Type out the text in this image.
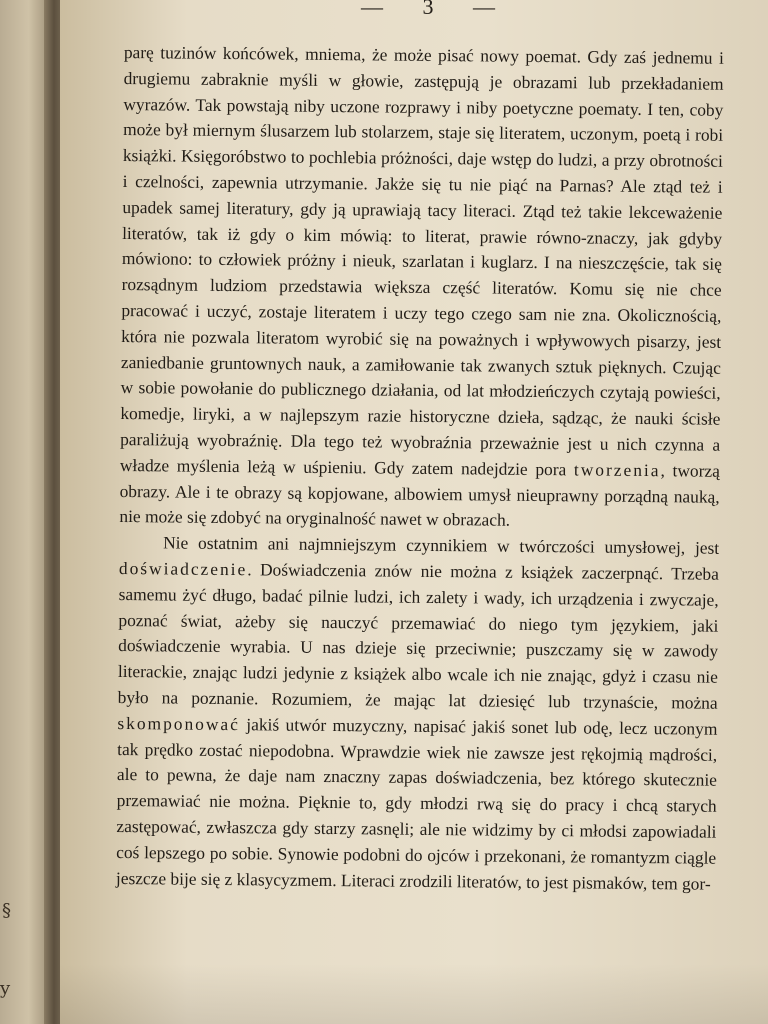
§
y
— 3 —

parę tuzinów końcówek, mniema, że może pisać nowy poemat. Gdy zaś jednemu i drugiemu zabraknie myśli w głowie, zastępują je obrazami lub przekładaniem wyrazów. Tak powstają niby uczone rozprawy i niby poetyczne poematy. I ten, coby może był miernym ślusarzem lub stolarzem, staje się literatem, uczonym, poetą i robi książki. Księgoróbstwo to pochlebia próżności, daje wstęp do ludzi, a przy obrotności i czelności, zapewnia utrzymanie. Jakże się tu nie piąć na Parnas? Ale ztąd też i upadek samej literatury, gdy ją uprawiają tacy literaci. Ztąd też takie lekceważenie literatów, tak iż gdy o kim mówią: to literat, prawie równo-znaczy, jak gdyby mówiono: to człowiek próżny i nieuk, szarlatan i kuglarz. I na nieszczęście, tak się rozsądnym ludziom przedstawia większa część literatów. Komu się nie chce pracować i uczyć, zostaje literatem i uczy tego czego sam nie zna. Okolicznością, która nie pozwala literatom wyrobić się na poważnych i wpływowych pisarzy, jest zaniedbanie gruntownych nauk, a zamiłowanie tak zwanych sztuk pięknych. Czując w sobie powołanie do publicznego działania, od lat młodzieńczych czytają powieści, komedje, liryki, a w najlepszym razie historyczne dzieła, sądząc, że nauki ścisłe paraliżują wyobraźnię. Dla tego też wyobraźnia przeważnie jest u nich czynna a władze myślenia leżą w uśpieniu. Gdy zatem nadejdzie pora tworzenia, tworzą obrazy. Ale i te obrazy są kopjowane, albowiem umysł nieuprawny porządną nauką, nie może się zdobyć na oryginalność nawet w obrazach.

Nie ostatnim ani najmniejszym czynnikiem w twórczości umysłowej, jest doświadczenie. Doświadczenia znów nie można z książek zaczerpnąć. Trzeba samemu żyć długo, badać pilnie ludzi, ich zalety i wady, ich urządzenia i zwyczaje, poznać świat, ażeby się nauczyć przemawiać do niego tym językiem, jaki doświadczenie wyrabia. U nas dzieje się przeciwnie; puszczamy się w zawody literackie, znając ludzi jedynie z książek albo wcale ich nie znając, gdyż i czasu nie było na poznanie. Rozumiem, że mając lat dziesięć lub trzynaście, można skomponować jakiś utwór muzyczny, napisać jakiś sonet lub odę, lecz uczonym tak prędko zostać niepodobna. Wprawdzie wiek nie zawsze jest rękojmią mądrości, ale to pewna, że daje nam znaczny zapas doświadczenia, bez którego skutecznie przemawiać nie można. Pięknie to, gdy młodzi rwą się do pracy i chcą starych zastępować, zwłaszcza gdy starzy zasnęli; ale nie widzimy by ci młodsi zapowiadali coś lepszego po sobie. Synowie podobni do ojców i przekonani, że romantyzm ciągle jeszcze bije się z klasycyzmem. Literaci zrodzili literatów, to jest pismaków, tem gor-
